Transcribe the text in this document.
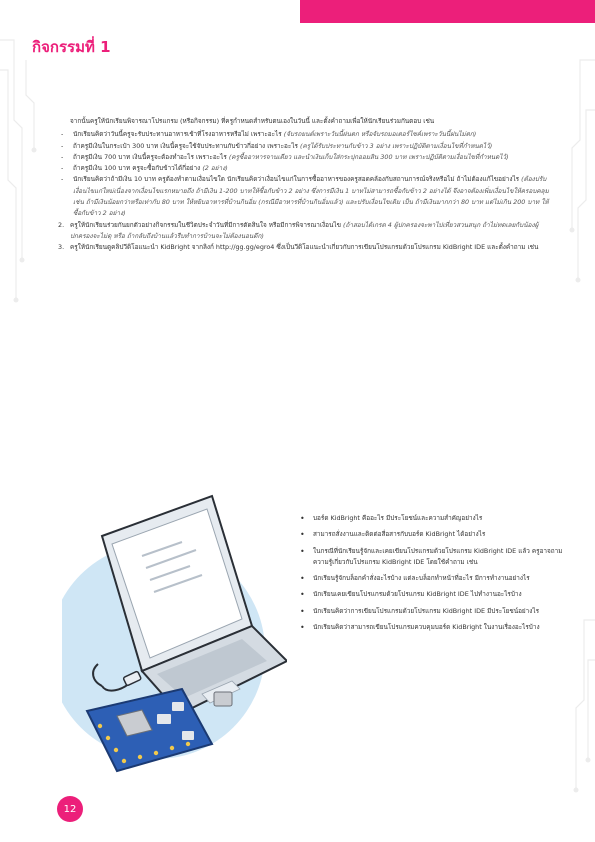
กิจกรรมที่ 1

จากนั้นครูให้นักเรียนพิจารณาโปรแกรม (หรือกิจกรรม) ที่ครูกำหนดสำหรับตนเองในวันนี้ และตั้งคำถามเพื่อให้นักเรียนร่วมกันตอบ เช่น

- นักเรียนคิดว่าวันนี้ครูจะรับประทานอาหารเช้าที่โรงอาหารหรือไม่ เพราะอะไร (จับรถยนต์เพราะวันนี้ฝนตก หรือจับรถมอเตอร์ไซค์เพราะวันนี้ฝนไม่ตก)
- ถ้าครูมีเงินในกระเป๋า 300 บาท เงินนี้ครูจะใช้จับประทานกับข้าวกี่อย่าง เพราะอะไร (ครูได้รับประทานกับข้าว 3 อย่าง เพราะปฏิบัติตามเงื่อนไขที่กำหนดไว้)
- ถ้าครูมีเงิน 700 บาท เงินนี้ครูจะต้องทำอะไร เพราะอะไร (ครูซื้ออาหารจานเดียว และนำเงินเก็บใส่กระปุกออมสิน 300 บาท เพราะปฏิบัติตามเงื่อนไขที่กำหนดไว้)
- ถ้าครูมีเงิน 100 บาท ครูจะซื้อกับข้าวได้กี่อย่าง (2 อย่าง)
- นักเรียนคิดว่าถ้ามีเงิน 10 บาท ครูต้องทำตามเงื่อนไขใด นักเรียนคิดว่าเงื่อนไขแก่ในการซื้ออาหารของครูสอดคล้องกับสถานการณ์จริงหรือไม่ ถ้าไม่ต้องแก้ไขอย่างไร (ต้องปรับเงื่อนไขแก่ใหม่เนื่องจากเงื่อนไขแรกหมายถึง ถ้ามีเงิน 1-200 บาทให้ซื้อกับข้าว 2 อย่าง ซึ่งการมีเงิน 1 บาทไม่สามารถซื้อกับข้าว 2 อย่างได้ จึงอาจต้องเพิ่มเงื่อนไขให้ครอบคลุม เช่น ถ้ามีเงินน้อยกว่าหรือเท่ากับ 80 บาท ให้หยิบอาหารที่บ้านกินอิ่ม (กรณีมีอาหารที่บ้านกินอิ่มแล้ว) และปรับเงื่อนไขเดิม เป็น ถ้ามีเงินมากกว่า 80 บาท แต่ไม่เกิน 200 บาท ให้ซื้อกับข้าว 2 อย่าง)

2. ครูให้นักเรียนร่วยกันยกตัวอย่างกิจกรรมในชีวิตประจำวันที่มีการตัดสินใจ หรือมีการพิจารณาเงื่อนไข (ถ้าสอบได้เกรด 4 ผู้ปกครองจะพาไปเที่ยวสวนสนุก ถ้าไม่ทดเลยกับน้องผู้ปกครองจะไม่ดุ หรือ ถ้ากลับถึงบ้านแล้วรีบทำการบ้านจะไม่ต้องนอนดึก)

3. ครูให้นักเรียนดูคลิปวีดิโอแนะนำ KidBright จากลิงก์ http://gg.gg/egro4 ซึ่งเป็นวีดิโอแนะนำเกี่ยวกับการเขียนโปรแกรมด้วยโปรแกรม KidBright IDE และตั้งคำถาม เช่น

• บอร์ด KidBright คืออะไร มีประโยชน์และความสำคัญอย่างไร
• สามารถสั่งงานและติดต่อสื่อสารกับบอร์ด KidBright ได้อย่างไร
• ในกรณีที่นักเรียนรู้จักและเคยเขียนโปรแกรมด้วยโปรแกรม KidBright IDE แล้ว ครูอาจถามความรู้เกี่ยวกับโปรแกรม KidBright IDE โดยใช้คำถาม เช่น
• นักเรียนรู้จักบล็อกคำสั่งอะไรบ้าง แต่ละบล็อกทำหน้าที่อะไร มีการทำงานอย่างไร
• นักเรียนเคยเขียนโปรแกรมด้วยโปรแกรม KidBright IDE ไปทำงานอะไรบ้าง
• นักเรียนคิดว่าการเขียนโปรแกรมด้วยโปรแกรม KidBright IDE มีประโยชน์อย่างไร
• นักเรียนคิดว่าสามารถเขียนโปรแกรมควบคุมบอร์ด KidBright ในงานเรื่องอะไรบ้าง
12
